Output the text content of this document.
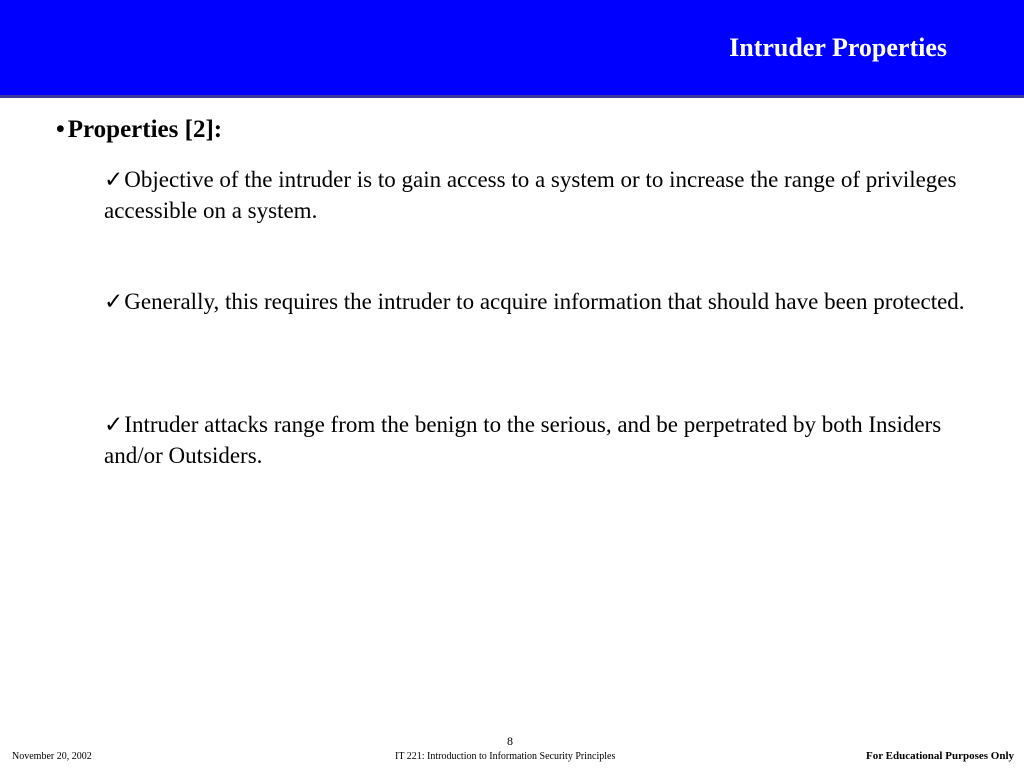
Intruder Properties
• Properties [2]:
✓Objective of the intruder is to gain access to a system or to increase the range of privileges accessible on a system.
✓Generally, this requires the intruder to acquire information that should have been protected.
✓Intruder attacks range from the benign to the serious, and be perpetrated by both Insiders and/or Outsiders.
8
November 20, 2002	IT 221: Introduction to Information Security Principles	For Educational Purposes Only
